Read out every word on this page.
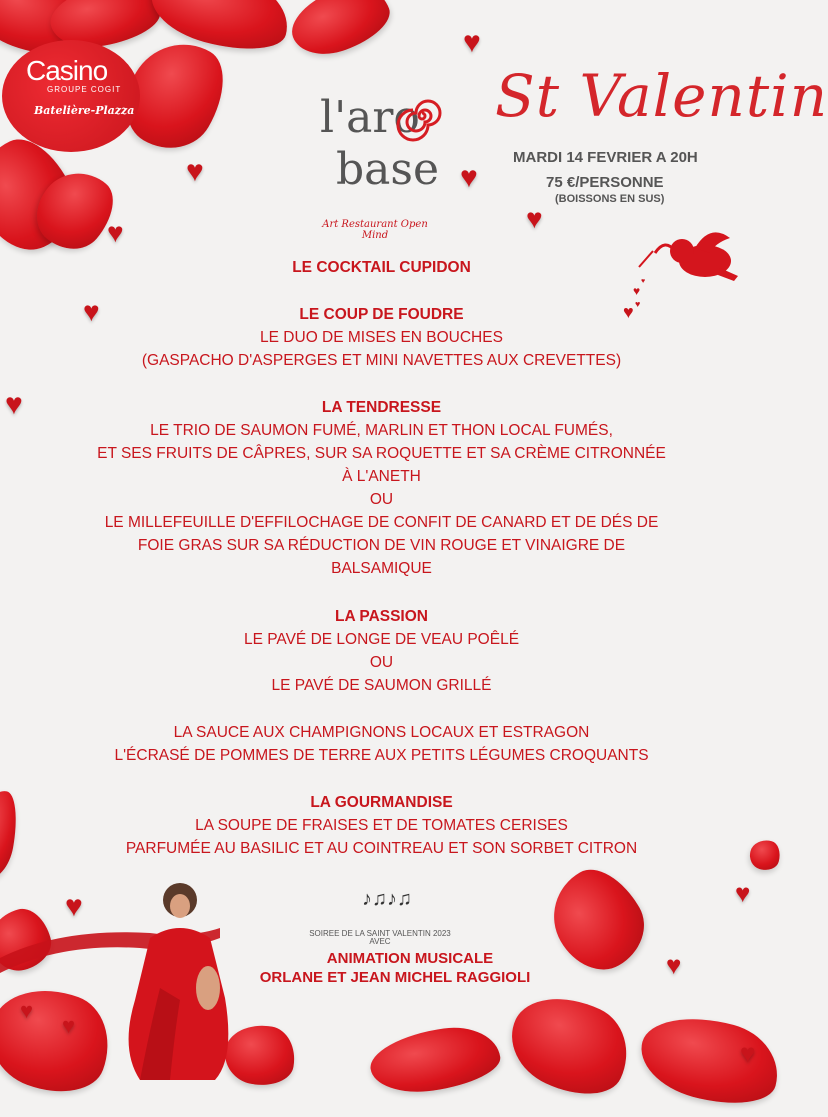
♥
♥	♥
♥	♥
♥
♥
♥
♥
♥
♥
♥
♥
Casino
GROUPE COGIT
Batelière-Plazza	l'aro
base
Art Restaurant Open Mind
St Valentin
MARDI 14 FEVRIER A 20H
75 €/PERSONNE
(BOISSONS EN SUS)
♥
♥ ♥
♥
LE COCKTAIL CUPIDON
LE COUP DE FOUDRE
LE DUO DE MISES EN BOUCHES
(GASPACHO D'ASPERGES ET MINI NAVETTES AUX CREVETTES)
LA TENDRESSE
LE TRIO DE SAUMON FUMÉ, MARLIN ET THON LOCAL FUMÉS,
ET SES FRUITS DE CÂPRES, SUR SA ROQUETTE ET SA CRÈME CITRONNÉE
À L'ANETH
OU
LE MILLEFEUILLE D'EFFILOCHAGE DE CONFIT DE CANARD ET DE DÉS DE
FOIE GRAS SUR SA RÉDUCTION DE VIN ROUGE ET VINAIGRE DE
BALSAMIQUE
LA PASSION
LE PAVÉ DE LONGE DE VEAU POÊLÉ
OU
LE PAVÉ DE SAUMON GRILLÉ
LA SAUCE AUX CHAMPIGNONS LOCAUX ET ESTRAGON
L'ÉCRASÉ DE POMMES DE TERRE AUX PETITS LÉGUMES CROQUANTS
LA GOURMANDISE
LA SOUPE DE FRAISES ET DE TOMATES CERISES
PARFUMÉE AU BASILIC ET AU COINTREAU ET SON SORBET CITRON
♪♫♪♫
SOIREE DE LA SAINT VALENTIN 2023
AVEC
ANIMATION MUSICALE
ORLANE ET JEAN MICHEL RAGGIOLI
